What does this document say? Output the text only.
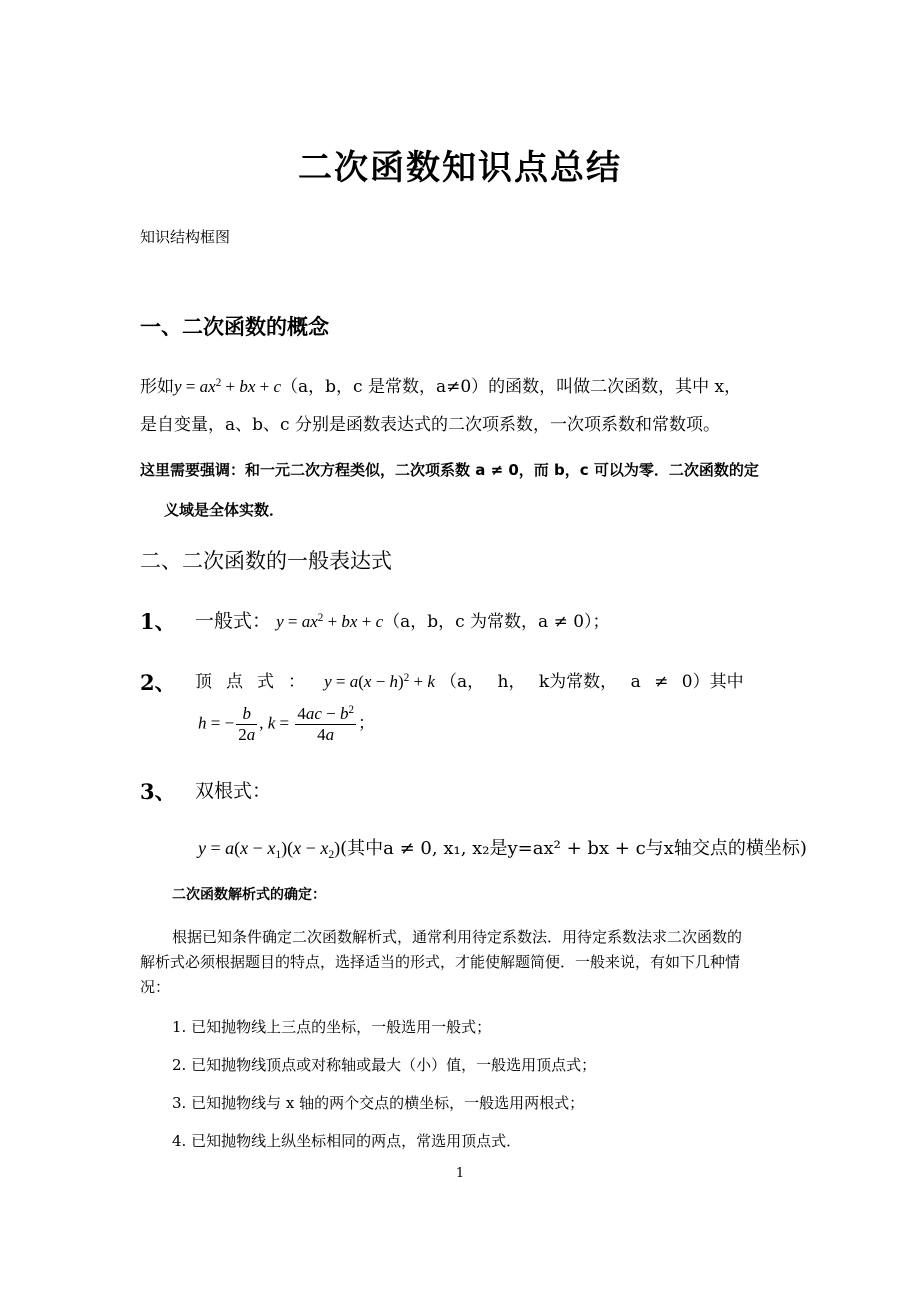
二次函数知识点总结
知识结构框图
一、二次函数的概念
形如$y = ax^2$ + bx + c（a，b，c 是常数，a≠0）的函数，叫做二次函数，其中 x，
是自变量，a、b、c 分别是函数表达式的二次项系数，一次项系数和常数项。
这里需要强调：和一元二次方程类似，二次项系数 a ≠ 0，而 b，c 可以为零．二次函数的定
义域是全体实数．
二、二次函数的一般表达式
1、 一般式： $y = ax^2$ + bx + c（a，b，c 为常数，a ≠ 0）；
2、 顶点式： $y = a(x - h)^2 + k$ （a， h， k为常数， a ≠ 0）其中
h = − $\frac{b}{2a}$ , $k = \frac{4ac - b^2}{4a}$ ；
3、 双根式：
$y = a(x - x_1)(x - x_2)$(其中a ≠ 0, x₁, x₂是y=ax² + bx + c与x轴交点的横坐标)
二次函数解析式的确定：
根据已知条件确定二次函数解析式，通常利用待定系数法．用待定系数法求二次函数的
解析式必须根据题目的特点，选择适当的形式，才能使解题简便．一般来说，有如下几种情
况：
1. 已知抛物线上三点的坐标，一般选用一般式；
2. 已知抛物线顶点或对称轴或最大（小）值，一般选用顶点式；
3. 已知抛物线与 x 轴的两个交点的横坐标，一般选用两根式；
4. 已知抛物线上纵坐标相同的两点，常选用顶点式．
1
